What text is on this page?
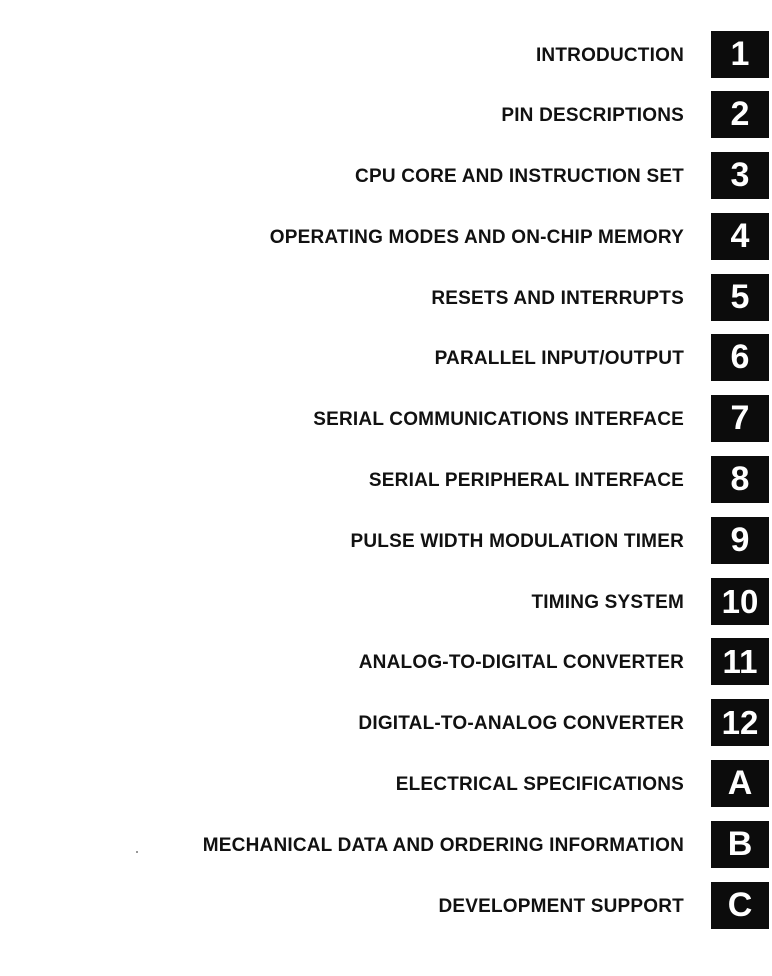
INTRODUCTION	1
PIN DESCRIPTIONS	2
CPU CORE AND INSTRUCTION SET	3
OPERATING MODES AND ON-CHIP MEMORY	4
RESETS AND INTERRUPTS	5
PARALLEL INPUT/OUTPUT	6
SERIAL COMMUNICATIONS INTERFACE	7
SERIAL PERIPHERAL INTERFACE	8
PULSE WIDTH MODULATION TIMER	9
TIMING SYSTEM	10
ANALOG-TO-DIGITAL CONVERTER	11
DIGITAL-TO-ANALOG CONVERTER	12
ELECTRICAL SPECIFICATIONS	A
MECHANICAL DATA AND ORDERING INFORMATION	B
DEVELOPMENT SUPPORT	C
